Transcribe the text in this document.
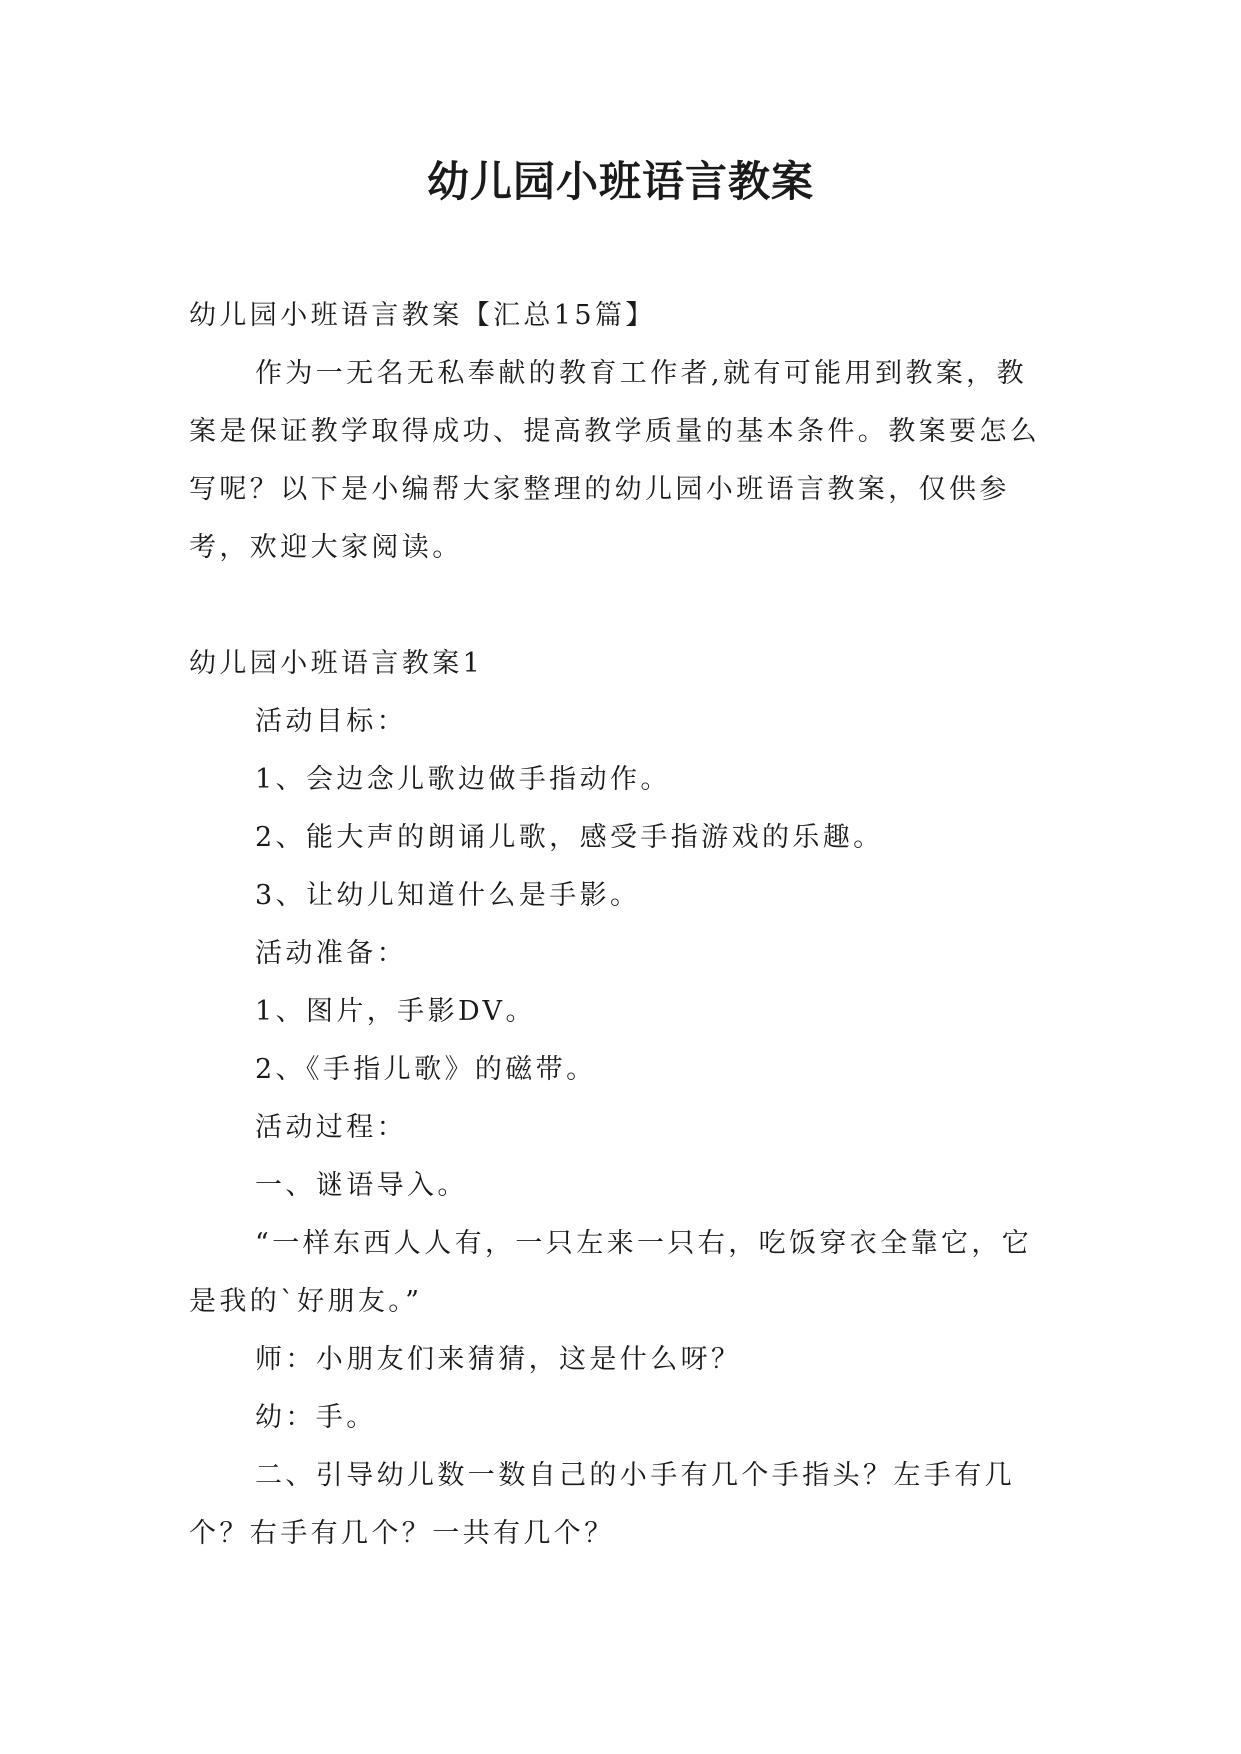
幼儿园小班语言教案

幼儿园小班语言教案【汇总15篇】

作为一无名无私奉献的教育工作者,就有可能用到教案，教案是保证教学取得成功、提高教学质量的基本条件。教案要怎么写呢？以下是小编帮大家整理的幼儿园小班语言教案，仅供参考，欢迎大家阅读。

幼儿园小班语言教案1

活动目标：

1、会边念儿歌边做手指动作。

2、能大声的朗诵儿歌，感受手指游戏的乐趣。

3、让幼儿知道什么是手影。

活动准备：

1、图片，手影DV。

2、《手指儿歌》的磁带。

活动过程：

一、谜语导入。

“一样东西人人有，一只左来一只右，吃饭穿衣全靠它，它是我的`好朋友。”

师：小朋友们来猜猜，这是什么呀？

幼：手。

二、引导幼儿数一数自己的小手有几个手指头？左手有几个？右手有几个？一共有几个？
